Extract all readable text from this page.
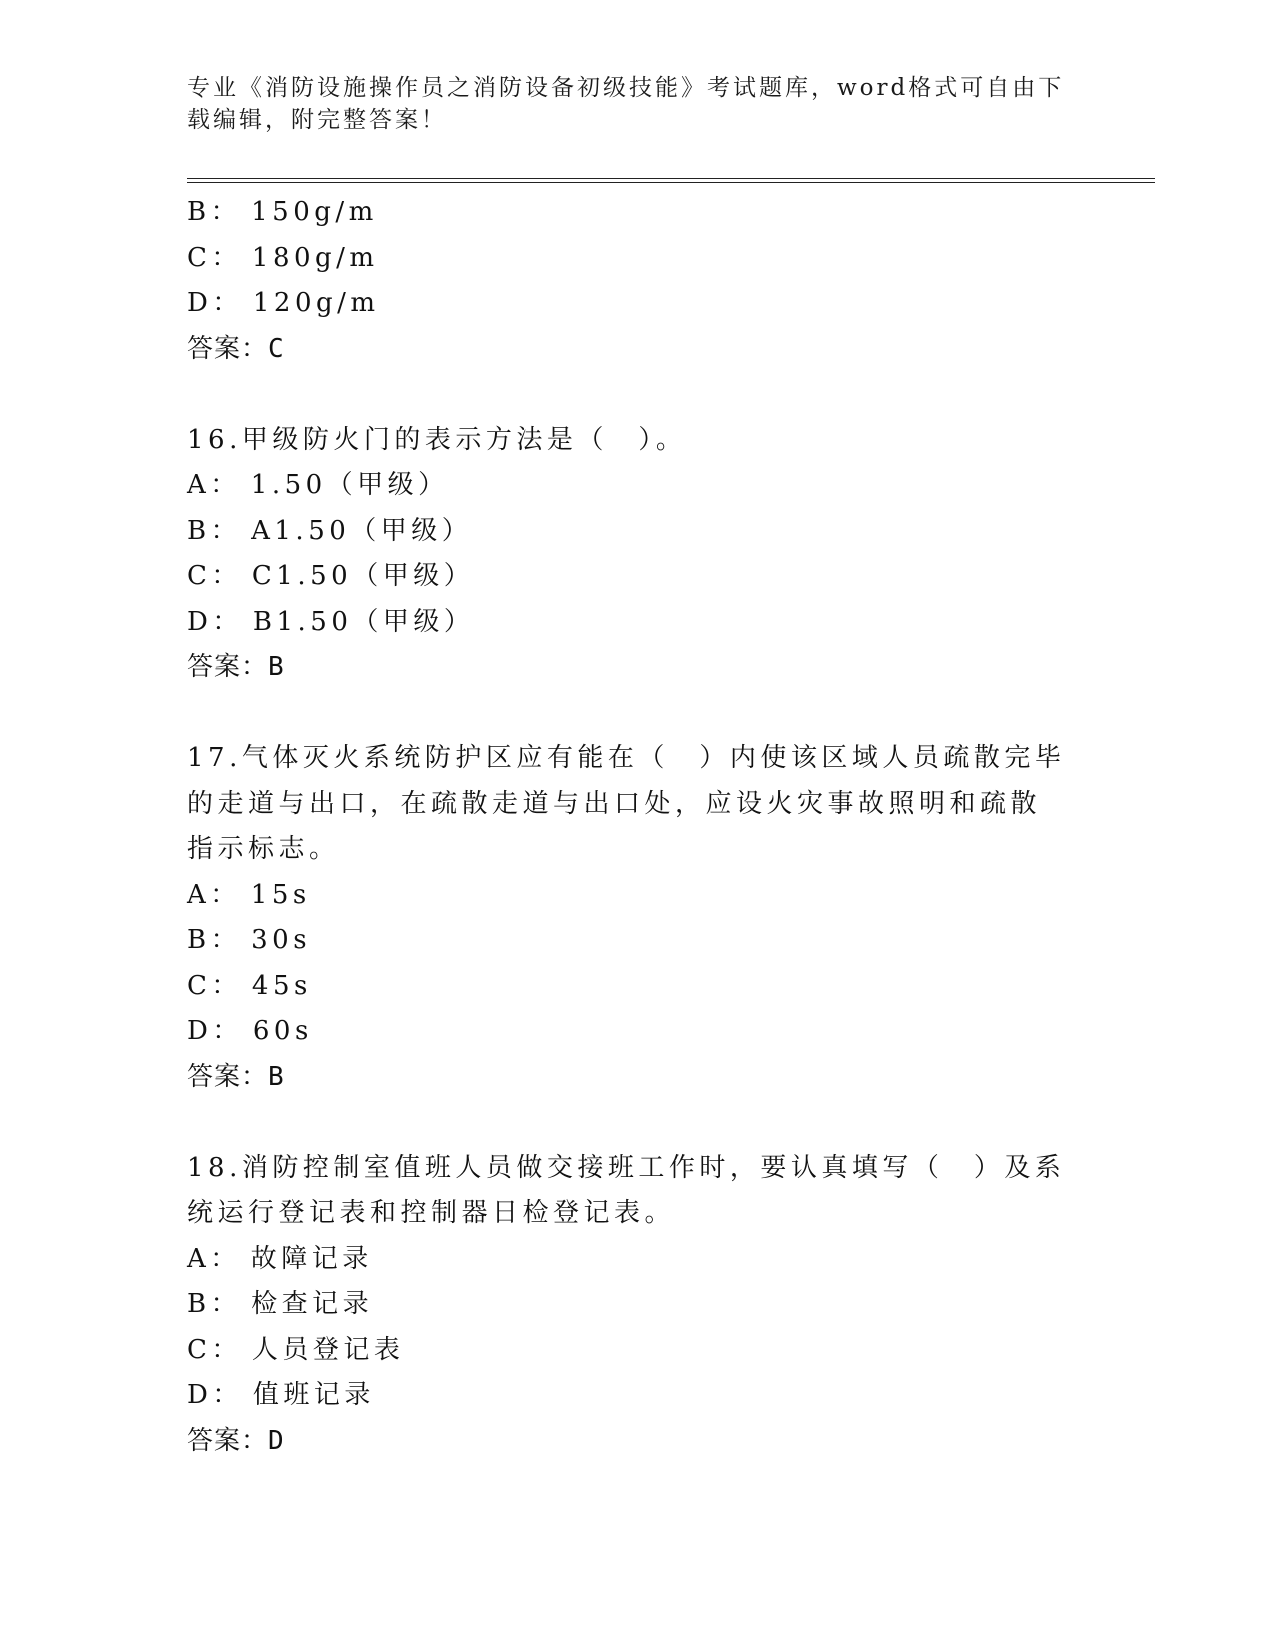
专业《消防设施操作员之消防设备初级技能》考试题库，word格式可自由下载编辑，附完整答案！
B： 150g/m
C： 180g/m
D： 120g/m
答案：C
16.甲级防火门的表示方法是（　）。
A： 1.50（甲级）
B： A1.50（甲级）
C： C1.50（甲级）
D： B1.50（甲级）
答案：B
17.气体灭火系统防护区应有能在（　）内使该区域人员疏散完毕的走道与出口，在疏散走道与出口处，应设火灾事故照明和疏散指示标志。
A： 15s
B： 30s
C： 45s
D： 60s
答案：B
18.消防控制室值班人员做交接班工作时，要认真填写（　）及系统运行登记表和控制器日检登记表。
A： 故障记录
B： 检查记录
C： 人员登记表
D： 值班记录
答案：D
